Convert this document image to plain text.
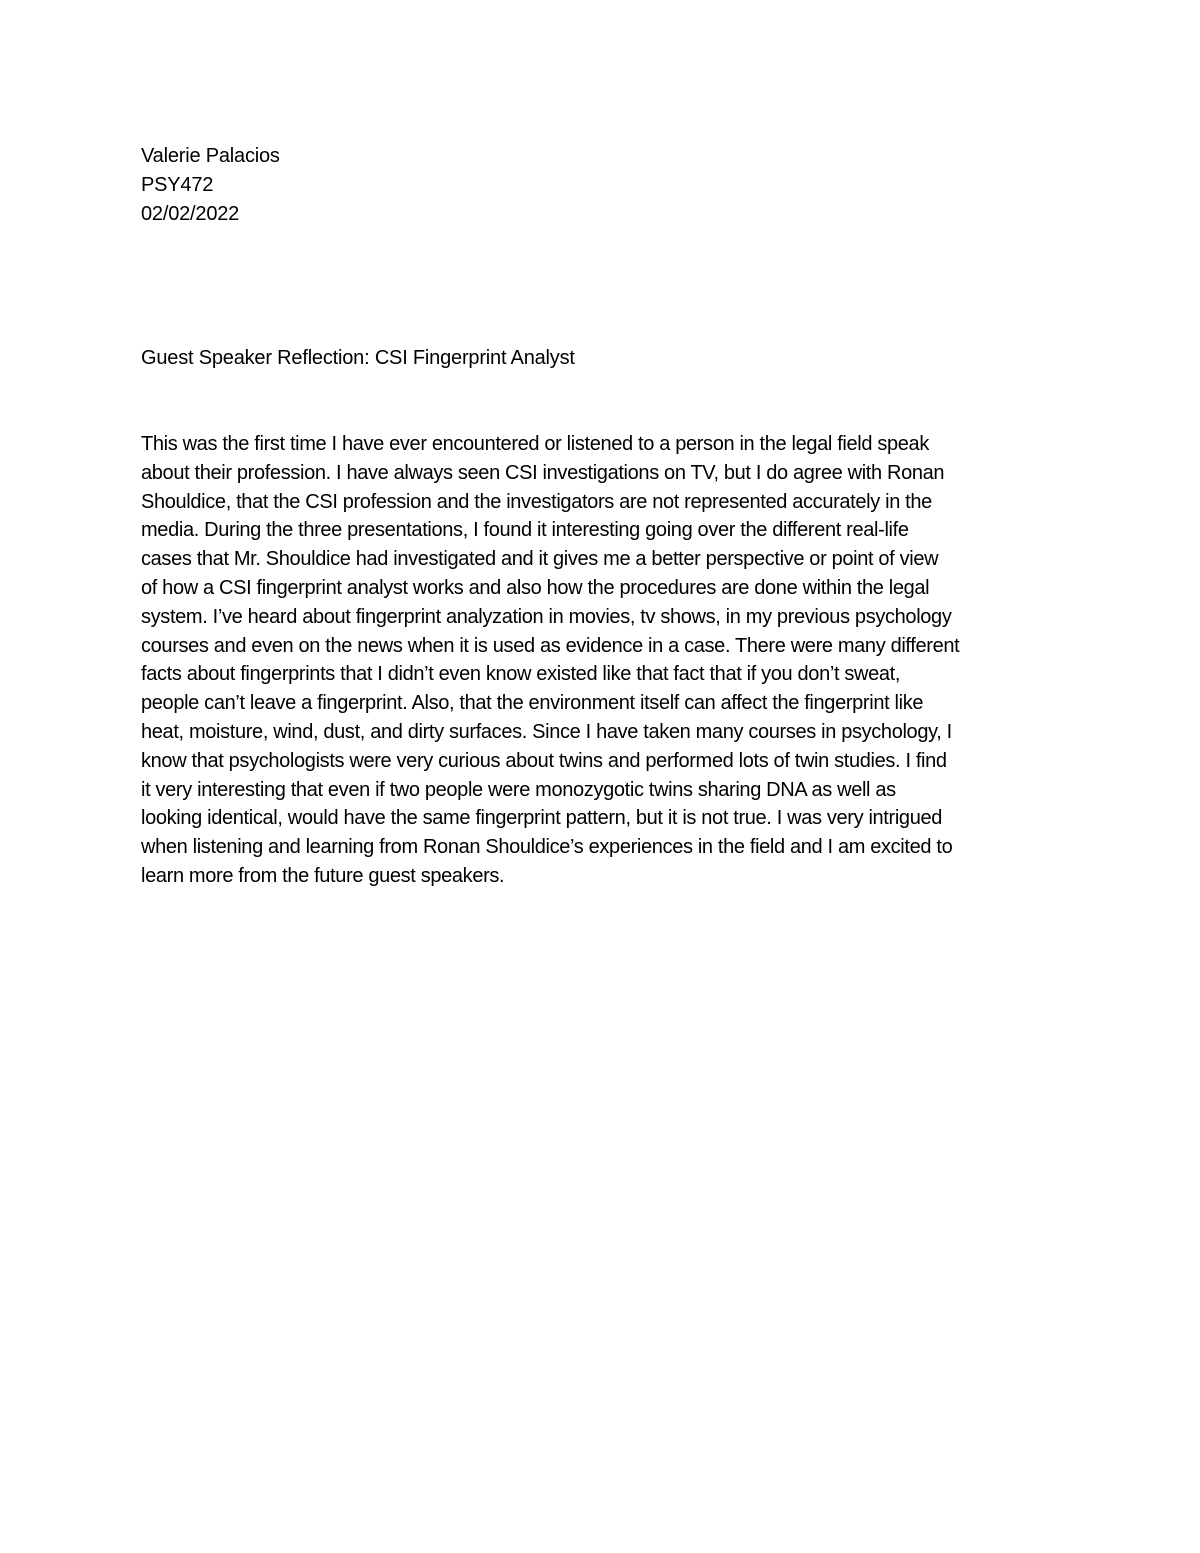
Valerie Palacios
PSY472
02/02/2022
Guest Speaker Reflection: CSI Fingerprint Analyst
This was the first time I have ever encountered or listened to a person in the legal field speak
about their profession. I have always seen CSI investigations on TV, but I do agree with Ronan
Shouldice, that the CSI profession and the investigators are not represented accurately in the
media. During the three presentations, I found it interesting going over the different real-life
cases that Mr. Shouldice had investigated and it gives me a better perspective or point of view
of how a CSI fingerprint analyst works and also how the procedures are done within the legal
system. I’ve heard about fingerprint analyzation in movies, tv shows, in my previous psychology
courses and even on the news when it is used as evidence in a case. There were many different
facts about fingerprints that I didn’t even know existed like that fact that if you don’t sweat,
people can’t leave a fingerprint. Also, that the environment itself can affect the fingerprint like
heat, moisture, wind, dust, and dirty surfaces. Since I have taken many courses in psychology, I
know that psychologists were very curious about twins and performed lots of twin studies. I find
it very interesting that even if two people were monozygotic twins sharing DNA as well as
looking identical, would have the same fingerprint pattern, but it is not true. I was very intrigued
when listening and learning from Ronan Shouldice’s experiences in the field and I am excited to
learn more from the future guest speakers.
